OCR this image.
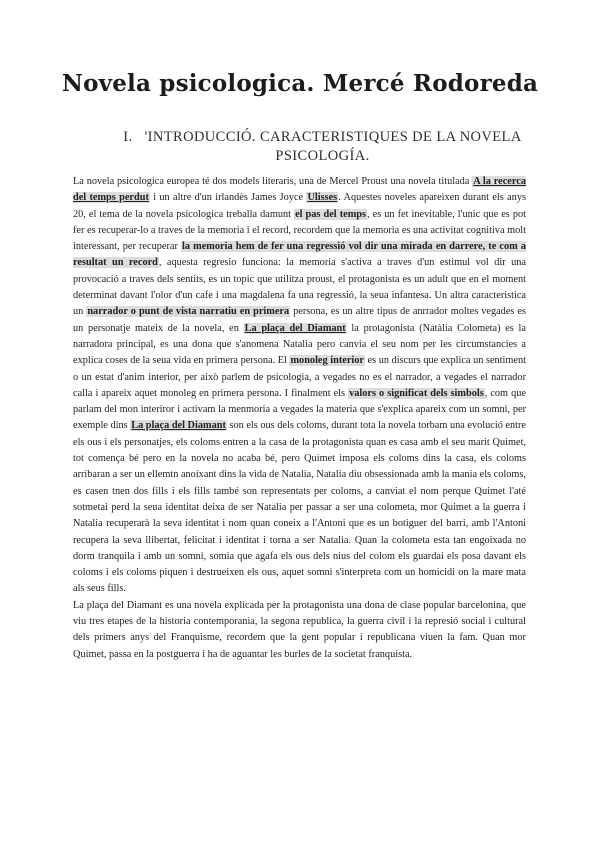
Novela psicologica. Mercé Rodoreda
I. 'INTRODUCCIÓ. CARACTERISTIQUES DE LA NOVELA PSICOLOGÍA.

La novela psicologica europea té dos models literaris, una de Mercel Proust una novela titulada A la recerca del temps perdut i un altre d'un irlandès James Joyce Ulisses. Aquestes noveles apareixen durant els anys 20, el tema de la novela psicologica treballa damunt el pas del temps, es un fet inevitable, l'unic que es pot fer es recuperar-lo a traves de la memoria i el record, recordem que la memoria es una activitat cognitiva molt interessant, per recuperar la memoria hem de fer una regressió vol dir una mirada en darrere, te com a resultat un record, aquesta regresio funciona: la memoria s'activa a traves d'un estimul vol dir una provocació a traves dels sentits, es un topic que utilitza proust, el protagonista es un adult que en el moment determinat davant l'olor d'un cafe i una magdalena fa una regressió, la seua infantesa. Un altra caracteristica un narrador o punt de vista narratiu en primera persona, es un altre tipus de anrrador moltes vegades es un personatje mateix de la novela, en La plaça del Diamant la protagonista (Natàlia Colometa) es la narradora principal, es una dona que s'anomena Natalia pero canvia el seu nom per les circumstancies a explica coses de la seua vida en primera persona. El monoleg interior es un discurs que explica un sentiment o un estat d'anim interior, per això parlem de psicologia, a vegades no es el narrador, a vegades el narrador calla i apareix aquet monoleg en primera persona. I finalment els valors o significat dels simbols, com que parlam del mon interiror i activam la menmoria a vegades la materia que s'explica apareix com un somni, per exemple dins La plaça del Diamant son els ous dels coloms, durant tota la novela torbam una evolució entre els ous i els personatjes, els coloms entren a la casa de la protagonista quan es casa amb el seu marit Quimet, tot comença bé pero en la novela no acaba bé, pero Quimet imposa els coloms dins la casa, els coloms arribaran a ser un ellemtn anoixant dins la vida de Natalia, Natalia diu obsessionada amb la mania els coloms, es casen tnen dos fills i els fills també son representats per coloms, a canviat el nom perque Quimet l'até sotmetai perd la seua identitat deixa de ser Natalia per passar a ser una colometa, mor Quimet a la guerra i Natalia recuperarà la seva identitat i nom quan coneix a l'Antoni que es un botiguer del barri, amb l'Antoni recupera la seva llibertat, felicitat i identitat i torna a ser Natalia. Quan la colometa esta tan engoixada no dorm tranquila i amb un somni, somia que agafa els ous dels nius del colom els guardai els posa davant els coloms i els coloms piquen i destrueixen els ous, aquet somni s'interpreta com un homicidi on la mare mata als seus fills.

La plaça del Diamant es una novela explicada per la protagonista una dona de clase popular barcelonina, que viu tres etapes de la historia contemporania, la segona republica, la guerra civil i la represió social i cultural dels primers anys del Franquisme, recordem que la gent popular i republicana viuen la fam. Quan mor Quimet, passa en la postguerra i ha de aguantar les burles de la societat franquista.
